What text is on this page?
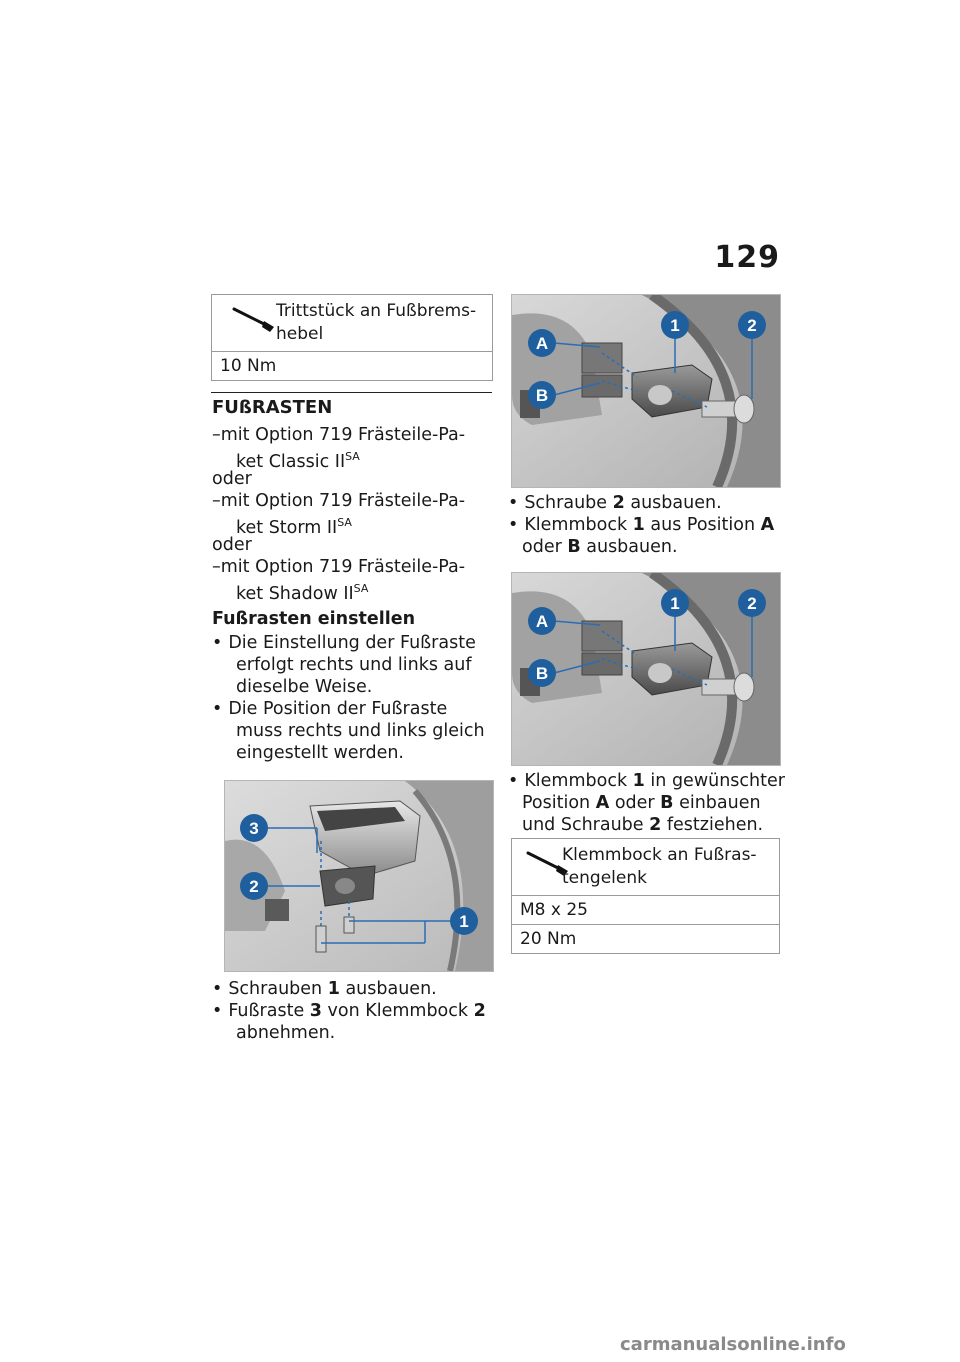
129
Trittstück an Fußbrems-
hebel
10 Nm
FUßRASTEN
–mit Option 719 Frästeile-Pa-
ket Classic $II^{SA}$
oder
–mit Option 719 Frästeile-Pa-
ket Storm $II^{SA}$
oder
–mit Option 719 Frästeile-Pa-
ket Shadow $II^{SA}$
Fußrasten einstellen
• Die Einstellung der Fußraste
erfolgt rechts und links auf
dieselbe Weise.
• Die Position der Fußraste
muss rechts und links gleich
eingestellt werden.
3
2
1
• Schrauben 1 ausbauen.
• Fußraste 3 von Klemmbock 2
abnehmen.
A
B
1	2
• Schraube 2 ausbauen.
• Klemmbock 1 aus Position A
oder B ausbauen.
A
B
1	2
• Klemmbock 1 in gewünschter
Position A oder B einbauen
und Schraube 2 festziehen.
Klemmbock an Fußras-
tengelenk
M8 x 25
20 Nm
carmanualsonline.info
